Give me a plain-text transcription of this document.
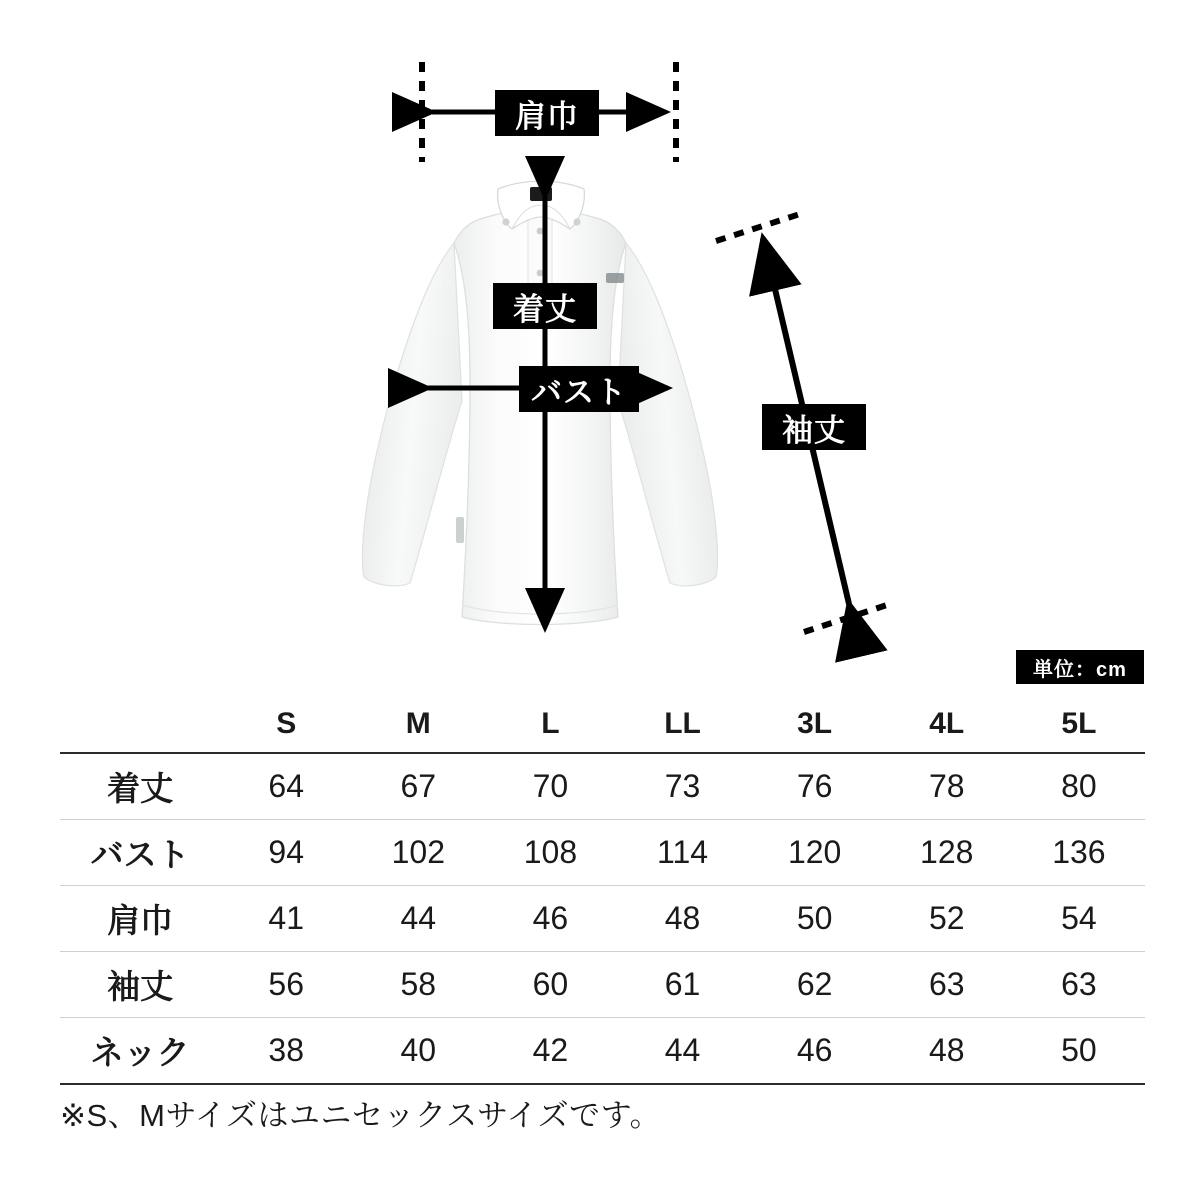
肩巾
着丈
バスト
袖丈
単位：cm
	S	M	L	LL	3L	4L	5L
着丈	64	67	70	73	76	78	80
バスト	94	102	108	114	120	128	136
肩巾	41	44	46	48	50	52	54
袖丈	56	58	60	61	62	63	63
ネック	38	40	42	44	46	48	50
※S、Mサイズはユニセックスサイズです。
